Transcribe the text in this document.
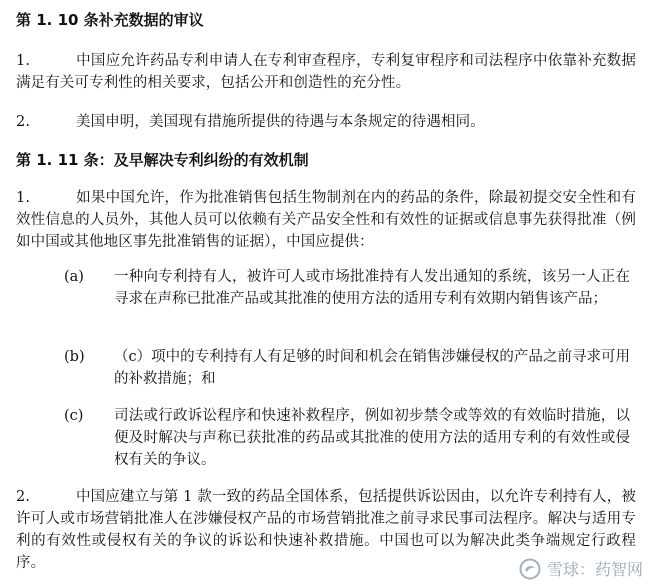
第 1. 10 条补充数据的审议
1.	中国应允许药品专利申请人在专利审查程序，专利复审程序和司法程序中依靠补充数据满足有关可专利性的相关要求，包括公开和创造性的充分性。
2.	美国申明，美国现有措施所提供的待遇与本条规定的待遇相同。
第 1. 11 条：及早解决专利纠纷的有效机制
1.	如果中国允许，作为批准销售包括生物制剂在内的药品的条件，除最初提交安全性和有效性信息的人员外，其他人员可以依赖有关产品安全性和有效性的证据或信息事先获得批准（例如中国或其他地区事先批准销售的证据），中国应提供：
(a)	一种向专利持有人，被许可人或市场批准持有人发出通知的系统，该另一人正在寻求在声称已批准产品或其批准的使用方法的适用专利有效期内销售该产品；
(b)	（c）项中的专利持有人有足够的时间和机会在销售涉嫌侵权的产品之前寻求可用的补救措施；和
(c)	司法或行政诉讼程序和快速补救程序，例如初步禁令或等效的有效临时措施，以便及时解决与声称已获批准的药品或其批准的使用方法的适用专利的有效性或侵权有关的争议。
2.	中国应建立与第 1 款一致的药品全国体系，包括提供诉讼因由，以允许专利持有人，被许可人或市场营销批准人在涉嫌侵权产品的市场营销批准之前寻求民事司法程序。解决与适用专利的有效性或侵权有关的争议的诉讼和快速补救措施。中国也可以为解决此类争端规定行政程序。	雪球：药智网
